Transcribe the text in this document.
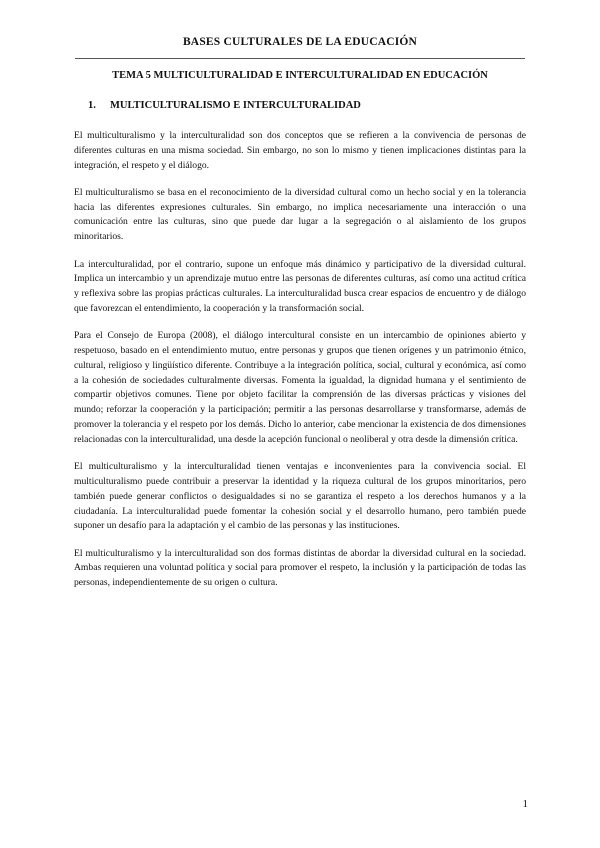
BASES CULTURALES DE LA EDUCACIÓN
TEMA 5 MULTICULTURALIDAD E INTERCULTURALIDAD EN EDUCACIÓN
1. MULTICULTURALISMO E INTERCULTURALIDAD

El multiculturalismo y la interculturalidad son dos conceptos que se refieren a la convivencia de personas de diferentes culturas en una misma sociedad. Sin embargo, no son lo mismo y tienen implicaciones distintas para la integración, el respeto y el diálogo.

El multiculturalismo se basa en el reconocimiento de la diversidad cultural como un hecho social y en la tolerancia hacia las diferentes expresiones culturales. Sin embargo, no implica necesariamente una interacción o una comunicación entre las culturas, sino que puede dar lugar a la segregación o al aislamiento de los grupos minoritarios.

La interculturalidad, por el contrario, supone un enfoque más dinámico y participativo de la diversidad cultural. Implica un intercambio y un aprendizaje mutuo entre las personas de diferentes culturas, así como una actitud crítica y reflexiva sobre las propias prácticas culturales. La interculturalidad busca crear espacios de encuentro y de diálogo que favorezcan el entendimiento, la cooperación y la transformación social.

Para el Consejo de Europa (2008), el diálogo intercultural consiste en un intercambio de opiniones abierto y respetuoso, basado en el entendimiento mutuo, entre personas y grupos que tienen orígenes y un patrimonio étnico, cultural, religioso y lingüístico diferente. Contribuye a la integración política, social, cultural y económica, así como a la cohesión de sociedades culturalmente diversas. Fomenta la igualdad, la dignidad humana y el sentimiento de compartir objetivos comunes. Tiene por objeto facilitar la comprensión de las diversas prácticas y visiones del mundo; reforzar la cooperación y la participación; permitir a las personas desarrollarse y transformarse, además de promover la tolerancia y el respeto por los demás. Dicho lo anterior, cabe mencionar la existencia de dos dimensiones relacionadas con la interculturalidad, una desde la acepción funcional o neoliberal y otra desde la dimensión crítica.

El multiculturalismo y la interculturalidad tienen ventajas e inconvenientes para la convivencia social. El multiculturalismo puede contribuir a preservar la identidad y la riqueza cultural de los grupos minoritarios, pero también puede generar conflictos o desigualdades si no se garantiza el respeto a los derechos humanos y a la ciudadanía. La interculturalidad puede fomentar la cohesión social y el desarrollo humano, pero también puede suponer un desafío para la adaptación y el cambio de las personas y las instituciones.

El multiculturalismo y la interculturalidad son dos formas distintas de abordar la diversidad cultural en la sociedad. Ambas requieren una voluntad política y social para promover el respeto, la inclusión y la participación de todas las personas, independientemente de su origen o cultura.

1
